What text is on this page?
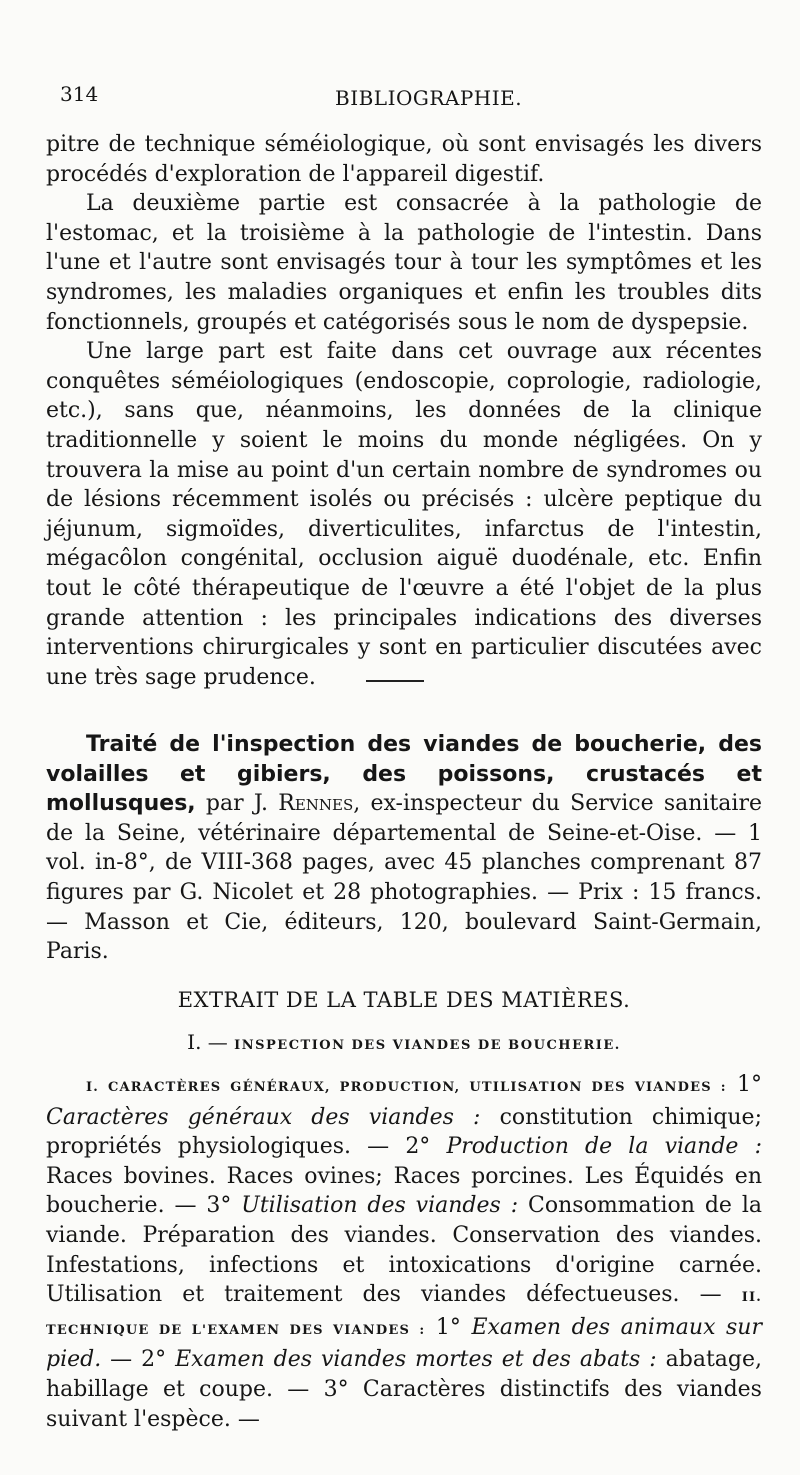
314	BIBLIOGRAPHIE.

pitre de technique séméiologique, où sont envisagés les divers procédés d'exploration de l'appareil digestif.

La deuxième partie est consacrée à la pathologie de l'estomac, et la troisième à la pathologie de l'intestin. Dans l'une et l'autre sont envisagés tour à tour les symptômes et les syndromes, les maladies organiques et enfin les troubles dits fonctionnels, groupés et catégorisés sous le nom de dyspepsie.

Une large part est faite dans cet ouvrage aux récentes conquêtes séméiologiques (endoscopie, coprologie, radiologie, etc.), sans que, néanmoins, les données de la clinique traditionnelle y soient le moins du monde négligées. On y trouvera la mise au point d'un certain nombre de syndromes ou de lésions récemment isolés ou précisés : ulcère peptique du jéjunum, sigmoïdes, diverticulites, infarctus de l'intestin, mégacôlon congénital, occlusion aiguë duodénale, etc. Enfin tout le côté thérapeutique de l'œuvre a été l'objet de la plus grande attention : les principales indications des diverses interventions chirurgicales y sont en particulier discutées avec une très sage prudence.

Traité de l'inspection des viandes de boucherie, des volailles et gibiers, des poissons, crustacés et mollusques, par J. Rennes, ex-inspecteur du Service sanitaire de la Seine, vétérinaire départemental de Seine-et-Oise. — 1 vol. in-8°, de VIII-368 pages, avec 45 planches comprenant 87 figures par G. Nicolet et 28 photographies. — Prix : 15 francs. — Masson et Cie, éditeurs, 120, boulevard Saint-Germain, Paris.

EXTRAIT DE LA TABLE DES MATIÈRES.
I. — INSPECTION DES VIANDES DE BOUCHERIE.

I. CARACTÈRES GÉNÉRAUX, PRODUCTION, UTILISATION DES VIANDES : 1° Caractères généraux des viandes : constitution chimique; propriétés physiologiques. — 2° Production de la viande : Races bovines. Races ovines; Races porcines. Les Équidés en boucherie. — 3° Utilisation des viandes : Consommation de la viande. Préparation des viandes. Conservation des viandes. Infestations, infections et intoxications d'origine carnée. Utilisation et traitement des viandes défectueuses. — II. TECHNIQUE DE L'EXAMEN DES VIANDES : 1° Examen des animaux sur pied. — 2° Examen des viandes mortes et des abats : abatage, habillage et coupe. — 3° Caractères distinctifs des viandes suivant l'espèce. —
